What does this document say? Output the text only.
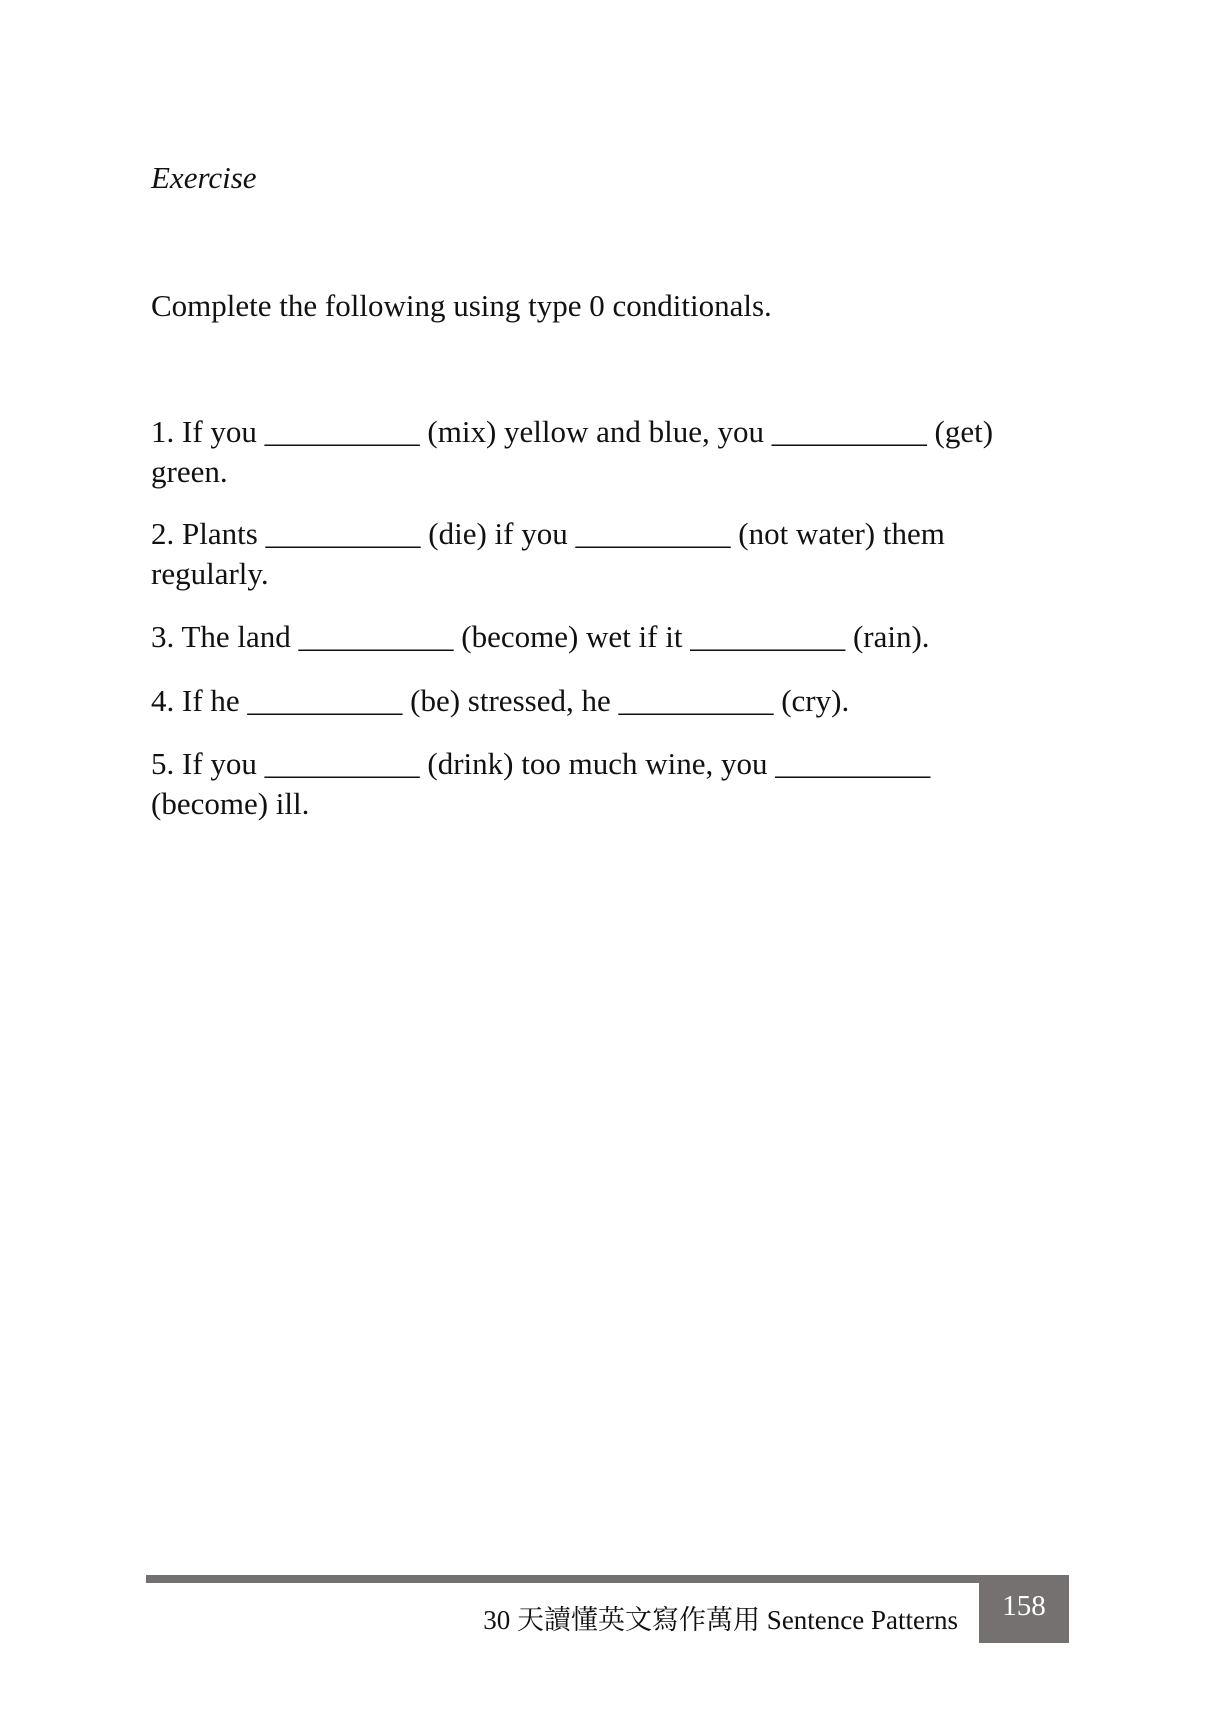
Exercise

Complete the following using type 0 conditionals.

1. If you __________ (mix) yellow and blue, you __________ (get)
green.
2. Plants __________ (die) if you __________ (not water) them
regularly.
3. The land __________ (become) wet if it __________ (rain).
4. If he __________ (be) stressed, he __________ (cry).
5. If you __________ (drink) too much wine, you __________
(become) ill.
30 天讀懂英文寫作萬用 Sentence Patterns	158
